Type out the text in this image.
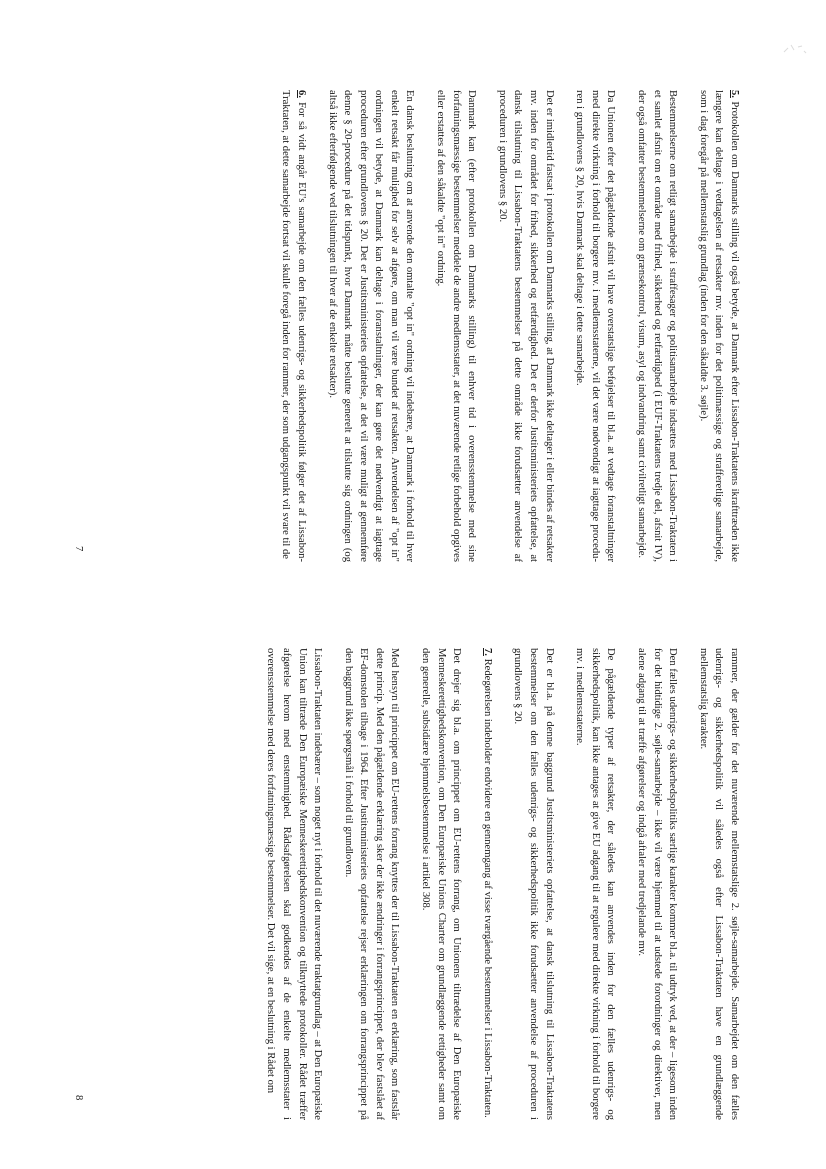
5. Protokollen om Danmarks stilling vil også betyde, at Danmark efter Lissabon-Traktatens ikrafttræden ikke længere kan deltage i vedtagelsen af retsakter mv. inden for det politimæssige og strafferetlige samarbejde, som i dag foregår på mellemstatslig grundlag (inden for den såkaldte 3. søjle).

Bestemmelserne om retligt samarbejde i straffesager og politisamarbejde indsættes med Lissabon-Traktaten i et samlet afsnit om et område med frihed, sikkerhed og retfærdighed (i EUF-Traktatens tredje del, afsnit IV), der også omfatter bestemmelserne om grænsekontrol, visum, asyl og indvandring samt civilretligt samarbejde.

Da Unionen efter det pågældende afsnit vil have overstatslige beføjelser til bl.a. at vedtage foranstaltninger med direkte virkning i forhold til borgere mv. i medlemsstaterne, vil det være nødvendigt at iagttage procedu-ren i grundlovens § 20, hvis Danmark skal deltage i dette samarbejde.

Det er imidlertid fastsat i protokollen om Danmarks stilling, at Danmark ikke deltager i eller bindes af retsakter mv. inden for området for frihed, sikkerhed og retfærdighed. Det er derfor Justitsministeriets opfattelse, at dansk tilslutning til Lissabon-Traktatens bestemmelser på dette område ikke forudsætter anvendelse af proceduren i grundlovens § 20.

Danmark kan (efter protokollen om Danmarks stilling) til enhver tid i overensstemmelse med sine forfatningsmæssige bestemmelser meddele de andre medlemsstater, at det nuværende retlige forbehold opgives eller erstattes af den såkaldte "opt in" ordning.

En dansk beslutning om at anvende den omtalte "opt in" ordning vil indebære, at Danmark i forhold til hver enkelt retsakt får mulighed for selv at afgøre, om man vil være bundet af retsakten. Anvendelsen af "opt in" ordningen vil betyde, at Danmark kan deltage i foranstaltninger, der kan gøre det nødvendigt at iagttage proceduren efter grundlovens § 20. Det er Justitsministeriets opfattelse, at det vil være muligt at gennemføre denne § 20-procedure på det tidspunkt, hvor Danmark måtte beslutte generelt at tilslutte sig ordningen (og altså ikke efterfølgende ved tilslutningen til hver af de enkelte retsakter).

6. For så vidt angår EU's samarbejde om den fælles udenrigs- og sikkerhedspolitik følger det af Lissabon-Traktaten, at dette samarbejde fortsat vil skulle foregå inden for rammer, der som udgangspunkt vil svare til de

7

rammer, der gælder for det nuværende mellemstatslige 2. søjle-samarbejde. Samarbejdet om den fælles udenrigs- og sikkerhedspolitik vil således også efter Lissabon-Traktaten have en grundlæggende mellemstatslig karakter.

Den fælles udenrigs- og sikkerhedspolitiks særlige karakter kommer bl.a. til udtryk ved, at der – ligesom inden for det hidtidige 2. søjle-samarbejde – ikke vil være hjemmel til at udstede forordninger og direktiver, men alene adgang til at træffe afgørelser og indgå aftaler med tredjelande mv.

De pågældende typer af retsakter, der således kan anvendes inden for den fælles udenrigs- og sikkerhedspolitik, kan ikke antages at give EU adgang til at regulere med direkte virkning i forhold til borgere mv. i medlemsstaterne.

Det er bl.a. på denne baggrund Justitsministeriets opfattelse, at dansk tilslutning til Lissabon-Traktatens bestemmelser om den fælles udenrigs- og sikkerhedspolitik ikke forudsætter anvendelse af proceduren i grundlovens § 20.

7. Redegørelsen indeholder endvidere en gennemgang af visse tværgående bestemmelser i Lissabon-Traktaten.

Det drejer sig bl.a. om princippet om EU-rettens forrang, om Unionens tiltrædelse af Den Europæiske Menneskerettighedskonvention, om Den Europæiske Unions Charter om grundlæggende rettigheder samt om den generelle, subsidiære hjemmelsbestemmelse i artikel 308.

Med hensyn til princippet om EU-rettens forrang knyttes der til Lissabon-Traktaten en erklæring, som fastslår dette princip. Med den pågældende erklæring sker der ikke ændringer i forrangsprincippet, der blev fastslået af EF-domstolen tilbage i 1964. Efter Justitsministeriets opfattelse rejser erklæringen om forrangsprincippet på den baggrund ikke spørgsmål i forhold til grundloven.

Lissabon-Traktaten indebærer – som noget nyt i forhold til det nuværende traktatgrundlag – at Den Europæiske Union kan tiltræde Den Europæiske Menneskerettighedskonvention og tilknyttede protokoller. Rådet træffer afgørelse herom med enstemmighed. Rådsafgørelsen skal godkendes af de enkelte medlemsstater i overensstemmelse med deres forfatningsmæssige bestemmelser. Det vil sige, at en beslutning i Rådet om

8
